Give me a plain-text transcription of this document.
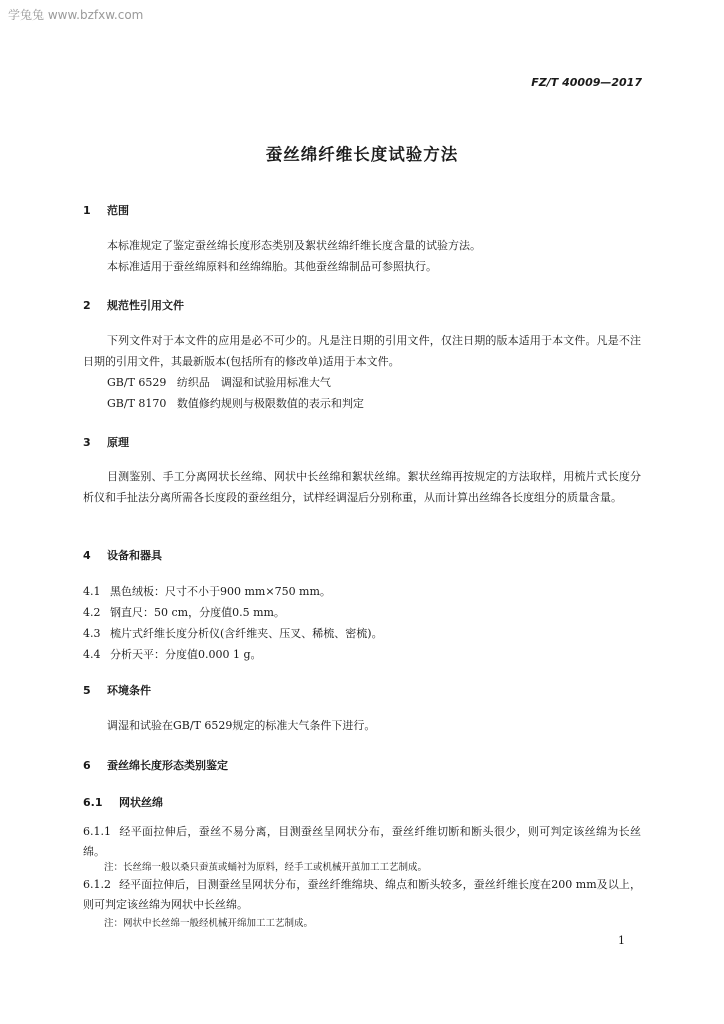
学兔兔 www.bzfxw.com
FZ/T 40009—2017
蚕丝绵纤维长度试验方法
1 范围
本标准规定了鉴定蚕丝绵长度形态类别及絮状丝绵纤维长度含量的试验方法。
本标准适用于蚕丝绵原料和丝绵绵胎。其他蚕丝绵制品可参照执行。
2 规范性引用文件
下列文件对于本文件的应用是必不可少的。凡是注日期的引用文件，仅注日期的版本适用于本文件。凡是不注日期的引用文件，其最新版本(包括所有的修改单)适用于本文件。
GB/T 6529 纺织品　调湿和试验用标准大气
GB/T 8170 数值修约规则与极限数值的表示和判定
3 原理
目测鉴别、手工分离网状长丝绵、网状中长丝绵和絮状丝绵。絮状丝绵再按规定的方法取样，用梳片式长度分析仪和手扯法分离所需各长度段的蚕丝组分，试样经调湿后分别称重，从而计算出丝绵各长度组分的质量含量。
4 设备和器具
4.1 黑色绒板：尺寸不小于900 mm×750 mm。
4.2 钢直尺：50 cm，分度值0.5 mm。
4.3 梳片式纤维长度分析仪(含纤维夹、压叉、稀梳、密梳)。
4.4 分析天平：分度值0.000 1 g。
5 环境条件
调湿和试验在GB/T 6529规定的标准大气条件下进行。
6 蚕丝绵长度形态类别鉴定
6.1 网状丝绵
6.1.1 经平面拉伸后，蚕丝不易分离，目测蚕丝呈网状分布，蚕丝纤维切断和断头很少，则可判定该丝绵为长丝绵。
注：长丝绵一般以桑只蚕茧或蛹衬为原料，经手工或机械开茧加工工艺制成。
6.1.2 经平面拉伸后，目测蚕丝呈网状分布，蚕丝纤维绵块、绵点和断头较多，蚕丝纤维长度在200 mm及以上，则可判定该丝绵为网状中长丝绵。
注：网状中长丝绵一般经机械开绵加工工艺制成。
1
